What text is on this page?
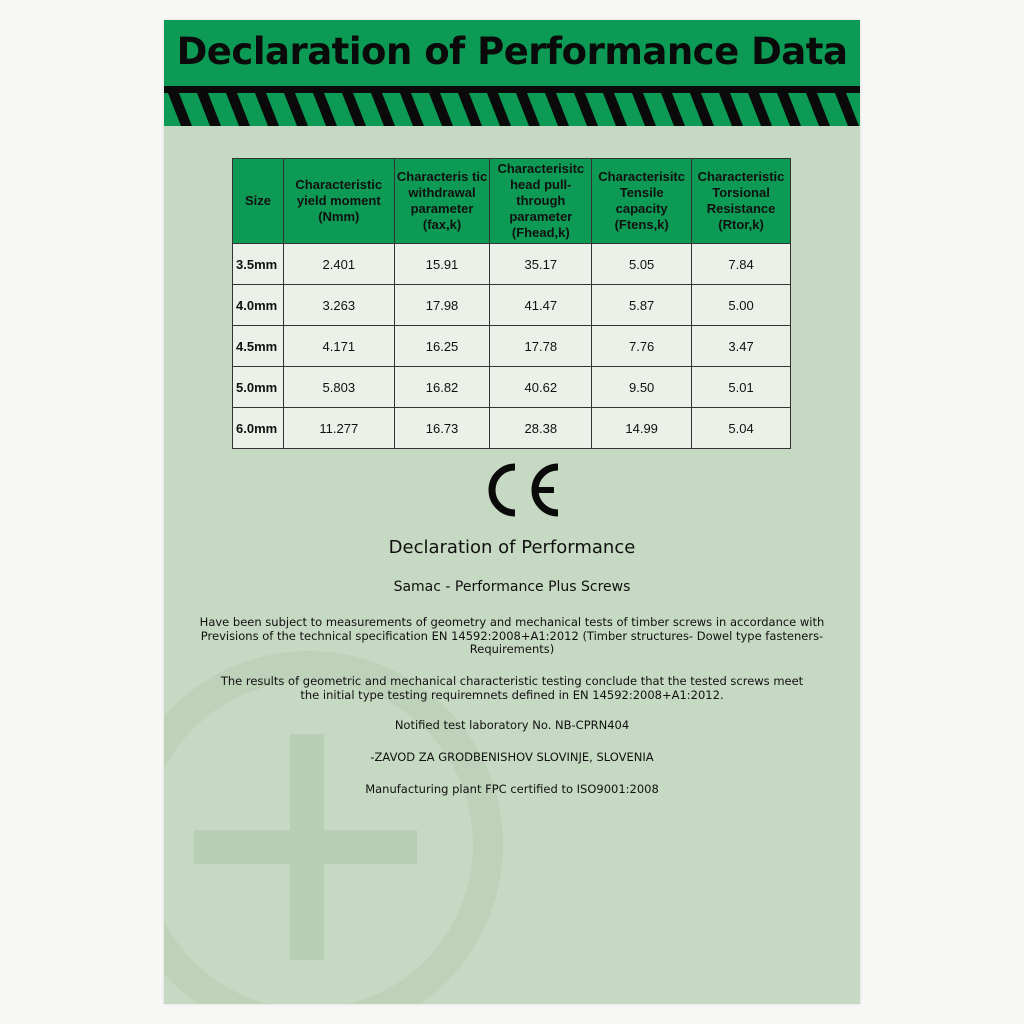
Declaration of Performance Data
Size	Characteristic yield moment (Nmm)	Characteris tic withdrawal parameter (fax,k)	Characterisitc head pull-through parameter (Fhead,k)	Characterisitc Tensile capacity (Ftens,k)	Characteristic Torsional Resistance (Rtor,k)
3.5mm	2.401	15.91	35.17	5.05	7.84
4.0mm	3.263	17.98	41.47	5.87	5.00
4.5mm	4.171	16.25	17.78	7.76	3.47
5.0mm	5.803	16.82	40.62	9.50	5.01
6.0mm	11.277	16.73	28.38	14.99	5.04
Declaration of Performance
Samac - Performance Plus Screws
Have been subject to measurements of geometry and mechanical tests of timber screws in accordance with Previsions of the technical specification EN 14592:2008+A1:2012 (Timber structures- Dowel type fasteners-Requirements)
The results of geometric and mechanical characteristic testing conclude that the tested screws meet the initial type testing requiremnets defined in EN 14592:2008+A1:2012.
Notified test laboratory No. NB-CPRN404
-ZAVOD ZA GRODBENISHOV SLOVINJE, SLOVENIA
Manufacturing plant FPC certified to ISO9001:2008
